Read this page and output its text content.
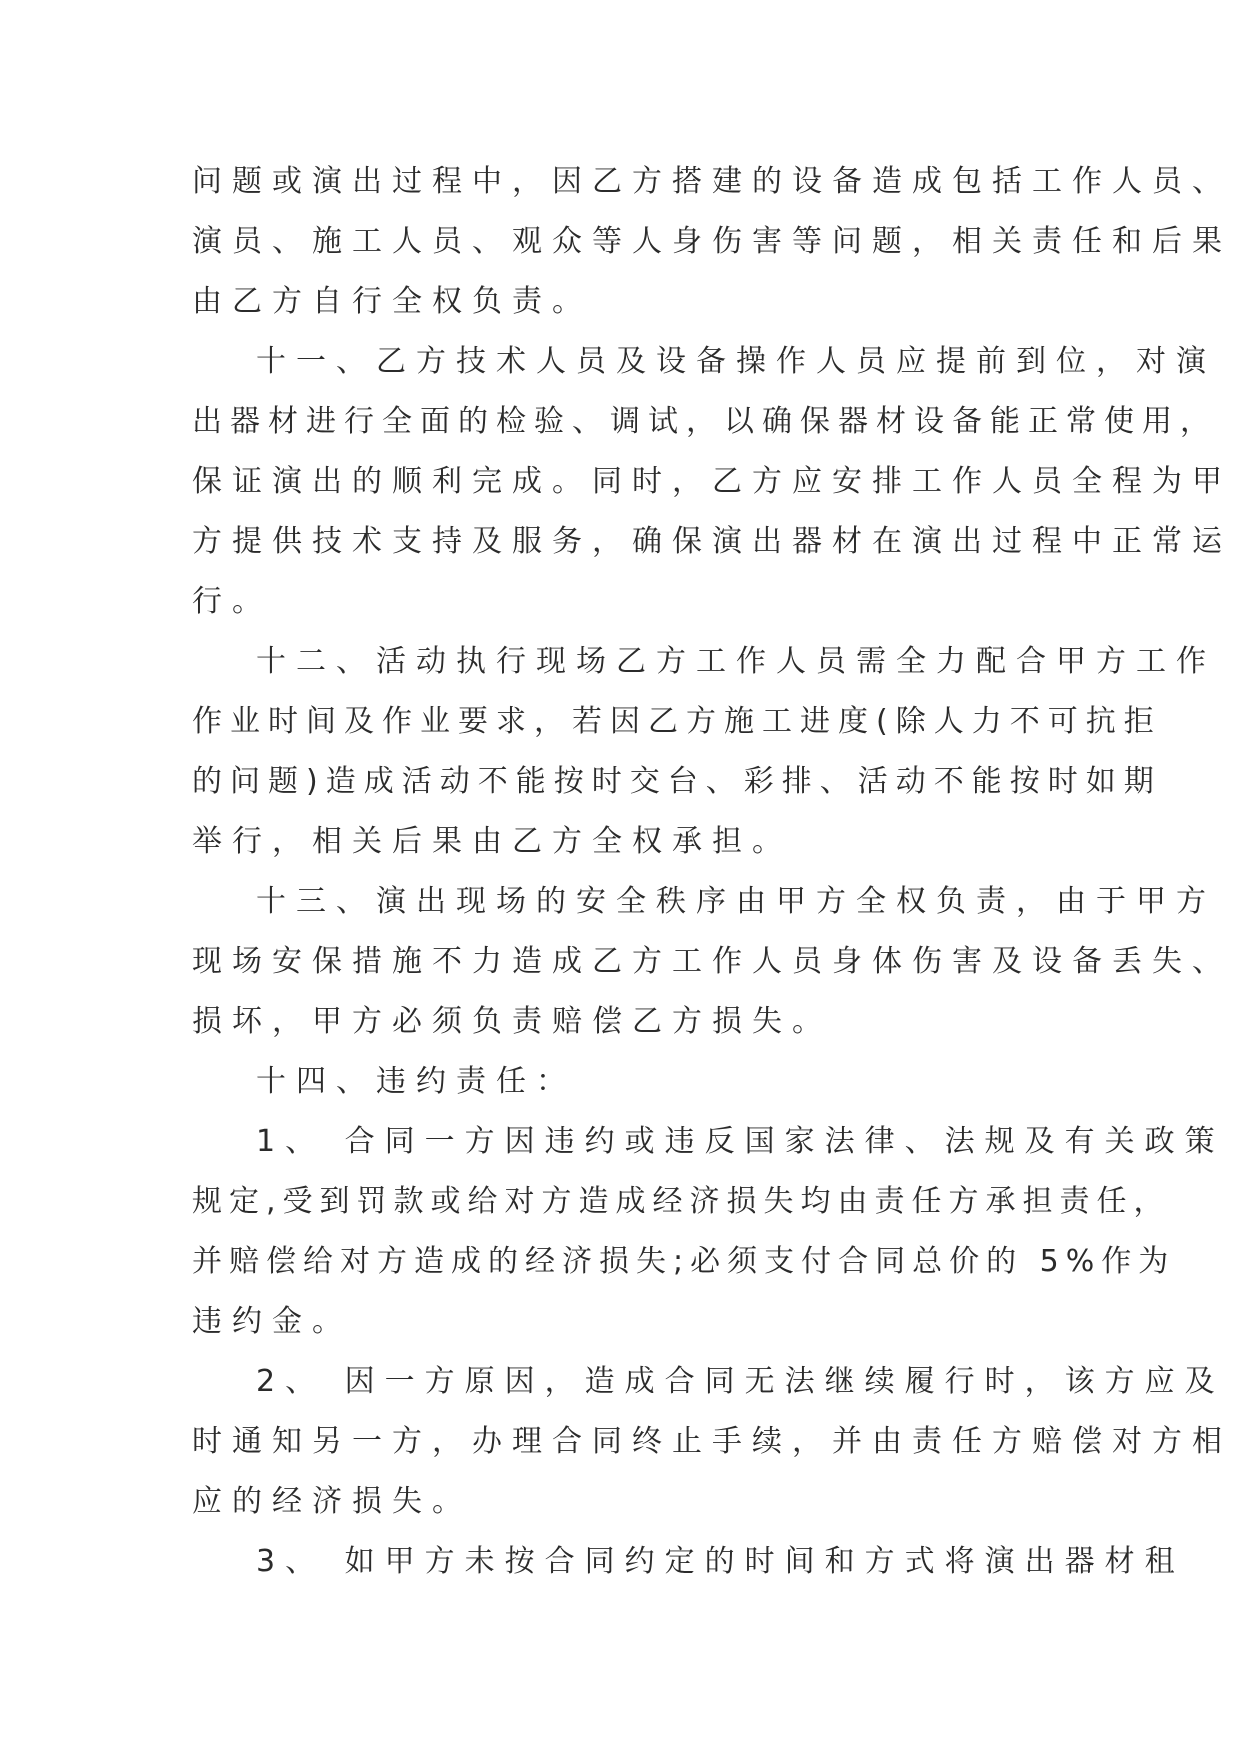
问题或演出过程中，因乙方搭建的设备造成包括工作人员、
演员、施工人员、观众等人身伤害等问题，相关责任和后果
由乙方自行全权负责。
十一、乙方技术人员及设备操作人员应提前到位，对演
出器材进行全面的检验、调试，以确保器材设备能正常使用，
保证演出的顺利完成。同时，乙方应安排工作人员全程为甲
方提供技术支持及服务，确保演出器材在演出过程中正常运
行。
十二、活动执行现场乙方工作人员需全力配合甲方工作
作业时间及作业要求，若因乙方施工进度(除人力不可抗拒
的问题)造成活动不能按时交台、彩排、活动不能按时如期
举行，相关后果由乙方全权承担。
十三、演出现场的安全秩序由甲方全权负责，由于甲方
现场安保措施不力造成乙方工作人员身体伤害及设备丢失、
损坏，甲方必须负责赔偿乙方损失。
十四、违约责任：
1、 合同一方因违约或违反国家法律、法规及有关政策
规定,受到罚款或给对方造成经济损失均由责任方承担责任，
并赔偿给对方造成的经济损失;必须支付合同总价的 5%作为
违约金。
2、 因一方原因，造成合同无法继续履行时，该方应及
时通知另一方，办理合同终止手续，并由责任方赔偿对方相
应的经济损失。
3、 如甲方未按合同约定的时间和方式将演出器材租
